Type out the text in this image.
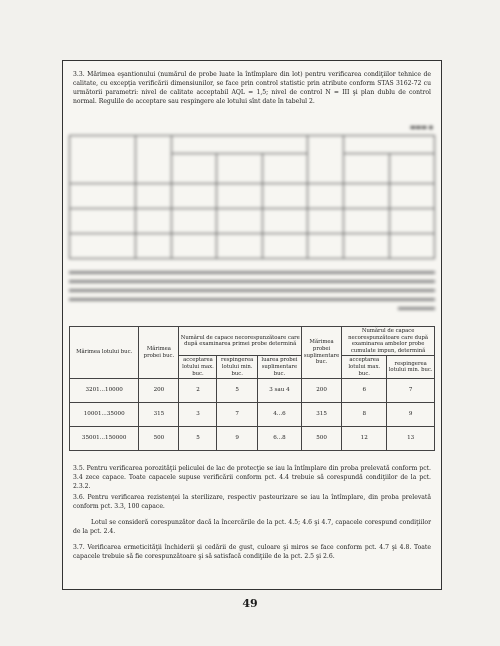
3.3. Mărimea eşantionului (numărul de probe luate la întîmplare din lot) pentru verificarea condiţiilor tehnice de calitate, cu excepţia verificării dimensiunilor, se face prin control statistic prin atribute conform STAS 3162-72 cu următorii parametri: nivel de calitate acceptabil AQL = 1,5; nivel de control N = III şi plan dublu de control normal. Regulile de acceptare sau respingere ale lotului sînt date în tabelul 2.
▬▬▬ ▪

Mărimea lotului buc.	Mărimea probei buc.	Numărul de capace necorespunzătoare care după examinarea primei probe determină			Mărimea probei suplimentare buc.	Numărul de capace necorespunzătoare care după examinarea ambelor probe cumulate impun, determină	
		acceptarea lotului max. buc.	respingerea lotului min. buc.	luarea probei suplimentare buc.		acceptarea lotului max. buc.	respingerea lotului min. buc.
3201...10000	200	2	5	3 sau 4	200	6	7
10001...35000	315	3	7	4...6	315	8	9
35001...150000	500	5	9	6...8	500	12	13
3.5. Pentru verificarea porozităţii peliculei de lac de protecţie se iau la întîmplare din proba prelevată conform pct. 3.4 zece capace. Toate capacele supuse verificării conform pct. 4.4 trebuie să corespundă condiţiilor de la pct. 2.3.2.
3.6. Pentru verificarea rezistenţei la sterilizare, respectiv pasteurizare se iau la întîmplare, din proba prelevată conform pct. 3.3, 100 capace.
Lotul se consideră corespunzător dacă la încercările de la pct. 4.5; 4.6 şi 4.7, capacele corespund condiţiilor de la pct. 2.4.
3.7. Verificarea ermeticităţii închiderii şi cedării de gust, culoare şi miros se face conform pct. 4.7 şi 4.8. Toate capacele trebuie să fie corespunzătoare şi să satisfacă condiţiile de la pct. 2.5 şi 2.6.
49
